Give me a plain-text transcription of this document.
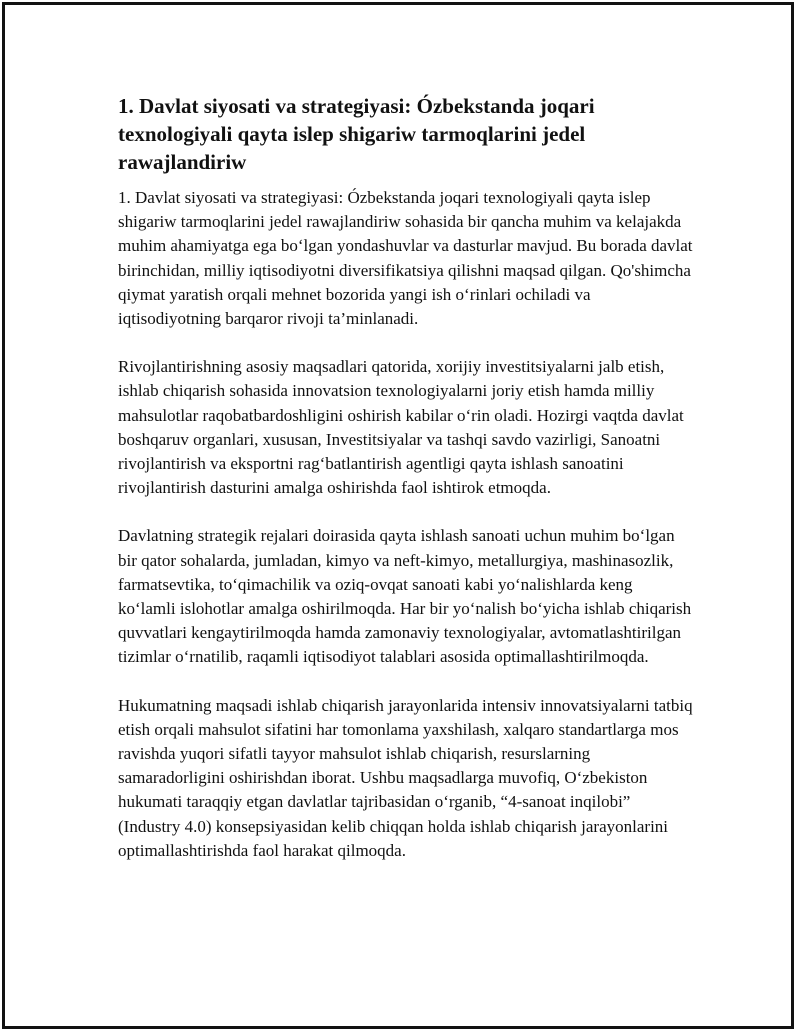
1. Davlat siyosati va strategiyasi: Ózbekstanda joqari texnologiyali qayta islep shigariw tarmoqlarini jedel rawajlandiriw

1. Davlat siyosati va strategiyasi: Ózbekstanda joqari texnologiyali qayta islep shigariw tarmoqlarini jedel rawajlandiriw sohasida bir qancha muhim va kelajakda muhim ahamiyatga ega bo‘lgan yondashuvlar va dasturlar mavjud. Bu borada davlat birinchidan, milliy iqtisodiyotni diversifikatsiya qilishni maqsad qilgan. Qo'shimcha qiymat yaratish orqali mehnet bozorida yangi ish o‘rinlari ochiladi va iqtisodiyotning barqaror rivoji ta’minlanadi.

Rivojlantirishning asosiy maqsadlari qatorida, xorijiy investitsiyalarni jalb etish, ishlab chiqarish sohasida innovatsion texnologiyalarni joriy etish hamda milliy mahsulotlar raqobatbardoshligini oshirish kabilar o‘rin oladi. Hozirgi vaqtda davlat boshqaruv organlari, xususan, Investitsiyalar va tashqi savdo vazirligi, Sanoatni rivojlantirish va eksportni rag‘batlantirish agentligi qayta ishlash sanoatini rivojlantirish dasturini amalga oshirishda faol ishtirok etmoqda.

Davlatning strategik rejalari doirasida qayta ishlash sanoati uchun muhim bo‘lgan bir qator sohalarda, jumladan, kimyo va neft-kimyo, metallurgiya, mashinasozlik, farmatsevtika, to‘qimachilik va oziq-ovqat sanoati kabi yo‘nalishlarda keng ko‘lamli islohotlar amalga oshirilmoqda. Har bir yo‘nalish bo‘yicha ishlab chiqarish quvvatlari kengaytirilmoqda hamda zamonaviy texnologiyalar, avtomatlashtirilgan tizimlar o‘rnatilib, raqamli iqtisodiyot talablari asosida optimallashtirilmoqda.

Hukumatning maqsadi ishlab chiqarish jarayonlarida intensiv innovatsiyalarni tatbiq etish orqali mahsulot sifatini har tomonlama yaxshilash, xalqaro standartlarga mos ravishda yuqori sifatli tayyor mahsulot ishlab chiqarish, resurslarning samaradorligini oshirishdan iborat. Ushbu maqsadlarga muvofiq, O‘zbekiston hukumati taraqqiy etgan davlatlar tajribasidan o‘rganib, “4-sanoat inqilobi” (Industry 4.0) konsepsiyasidan kelib chiqqan holda ishlab chiqarish jarayonlarini optimallashtirishda faol harakat qilmoqda.
